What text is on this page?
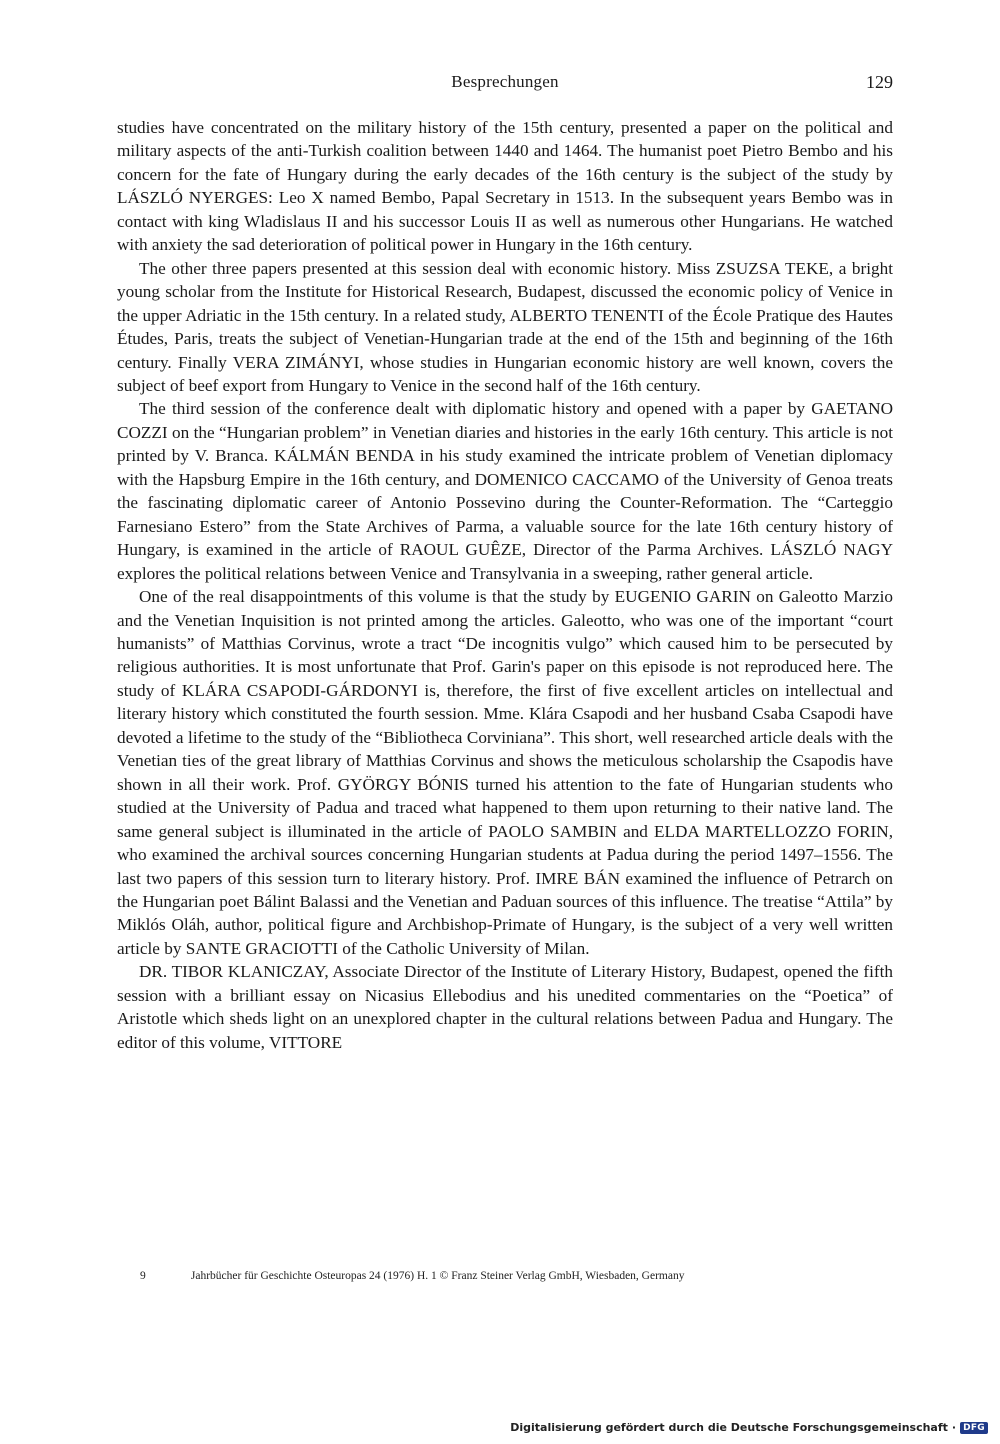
Besprechungen	129

studies have concentrated on the military history of the 15th century, presented a paper on the political and military aspects of the anti-Turkish coalition between 1440 and 1464. The humanist poet Pietro Bembo and his concern for the fate of Hungary during the early decades of the 16th century is the subject of the study by LÁSZLÓ NYERGES: Leo X named Bembo, Papal Secretary in 1513. In the subsequent years Bembo was in contact with king Wladislaus II and his successor Louis II as well as numerous other Hungarians. He watched with anxiety the sad deterioration of political power in Hungary in the 16th century.

The other three papers presented at this session deal with economic history. Miss ZSUZSA TEKE, a bright young scholar from the Institute for Historical Research, Budapest, discussed the economic policy of Venice in the upper Adriatic in the 15th century. In a related study, ALBERTO TENENTI of the École Pratique des Hautes Études, Paris, treats the subject of Venetian-Hungarian trade at the end of the 15th and beginning of the 16th century. Finally VERA ZIMÁNYI, whose studies in Hungarian economic history are well known, covers the subject of beef export from Hungary to Venice in the second half of the 16th century.

The third session of the conference dealt with diplomatic history and opened with a paper by GAETANO COZZI on the “Hungarian problem” in Venetian diaries and histories in the early 16th century. This article is not printed by V. Branca. KÁLMÁN BENDA in his study examined the intricate problem of Venetian diplomacy with the Hapsburg Empire in the 16th century, and DOMENICO CACCAMO of the University of Genoa treats the fascinating diplomatic career of Antonio Possevino during the Counter-Reformation. The “Carteggio Farnesiano Estero” from the State Archives of Parma, a valuable source for the late 16th century history of Hungary, is examined in the article of RAOUL GUÊZE, Director of the Parma Archives. LÁSZLÓ NAGY explores the political relations between Venice and Transylvania in a sweeping, rather general article.

One of the real disappointments of this volume is that the study by EUGENIO GARIN on Galeotto Marzio and the Venetian Inquisition is not printed among the articles. Galeotto, who was one of the important “court humanists” of Matthias Corvinus, wrote a tract “De incognitis vulgo” which caused him to be persecuted by religious authorities. It is most unfortunate that Prof. Garin's paper on this episode is not reproduced here. The study of KLÁRA CSAPODI-GÁRDONYI is, therefore, the first of five excellent articles on intellectual and literary history which constituted the fourth session. Mme. Klára Csapodi and her husband Csaba Csapodi have devoted a lifetime to the study of the “Bibliotheca Corviniana”. This short, well researched article deals with the Venetian ties of the great library of Matthias Corvinus and shows the meticulous scholarship the Csapodis have shown in all their work. Prof. GYÖRGY BÓNIS turned his attention to the fate of Hungarian students who studied at the University of Padua and traced what happened to them upon returning to their native land. The same general subject is illuminated in the article of PAOLO SAMBIN and ELDA MARTELLOZZO FORIN, who examined the archival sources concerning Hungarian students at Padua during the period 1497–1556. The last two papers of this session turn to literary history. Prof. IMRE BÁN examined the influence of Petrarch on the Hungarian poet Bálint Balassi and the Venetian and Paduan sources of this influence. The treatise “Attila” by Miklós Oláh, author, political figure and Archbishop-Primate of Hungary, is the subject of a very well written article by SANTE GRACIOTTI of the Catholic University of Milan.

DR. TIBOR KLANICZAY, Associate Director of the Institute of Literary History, Budapest, opened the fifth session with a brilliant essay on Nicasius Ellebodius and his unedited commentaries on the “Poetica” of Aristotle which sheds light on an unexplored chapter in the cultural relations between Padua and Hungary. The editor of this volume, VITTORE

9	Jahrbücher für Geschichte Osteuropas 24 (1976) H. 1 © Franz Steiner Verlag GmbH, Wiesbaden, Germany
Digitalisierung gefördert durch die Deutsche Forschungsgemeinschaft · DFG
